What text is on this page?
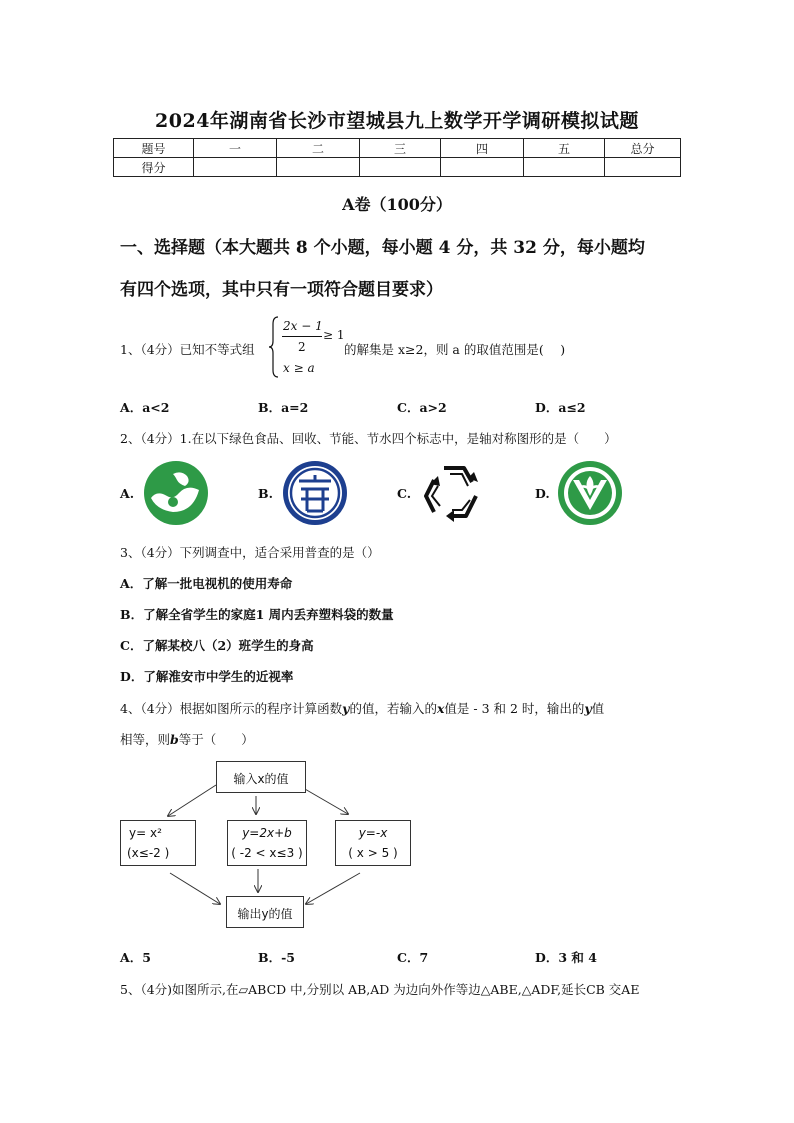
2024年湖南省长沙市望城县九上数学开学调研模拟试题
题号	一	二	三	四	五	总分
得分						
A卷（100分）
一、选择题（本大题共 8 个小题，每小题 4 分，共 32 分，每小题均
有四个选项，其中只有一项符合题目要求）
1、（4分）已知不等式组
2x − 1
2
≥ 1
x ≥ a
的解集是 x≥2，则 a 的取值范围是(　 )
A．a<2	B．a=2	C．a>2	D．a≤2
2、（4分）1.在以下绿色食品、回收、节能、节水四个标志中，是轴对称图形的是（　　）
A.	B.	C.	D.
3、（4分）下列调查中，适合采用普查的是（）
A．了解一批电视机的使用寿命
B．了解全省学生的家庭1 周内丢弃塑料袋的数量
C．了解某校八（2）班学生的身高
D．了解淮安市中学生的近视率
4、（4分）根据如图所示的程序计算函数y的值，若输入的x值是 - 3 和 2 时，输出的y值
相等，则b等于（　　）
输入x的值
y= x²
(x≤-2 )
y=2x+b
( -2 < x≤3 )
y=-x
( x > 5 )
输出y的值
A．5	B．-5	C．7	D．3 和 4
5、（4分)如图所示,在▱ABCD 中,分别以 AB,AD 为边向外作等边△ABE,△ADF,延长CB 交AE
